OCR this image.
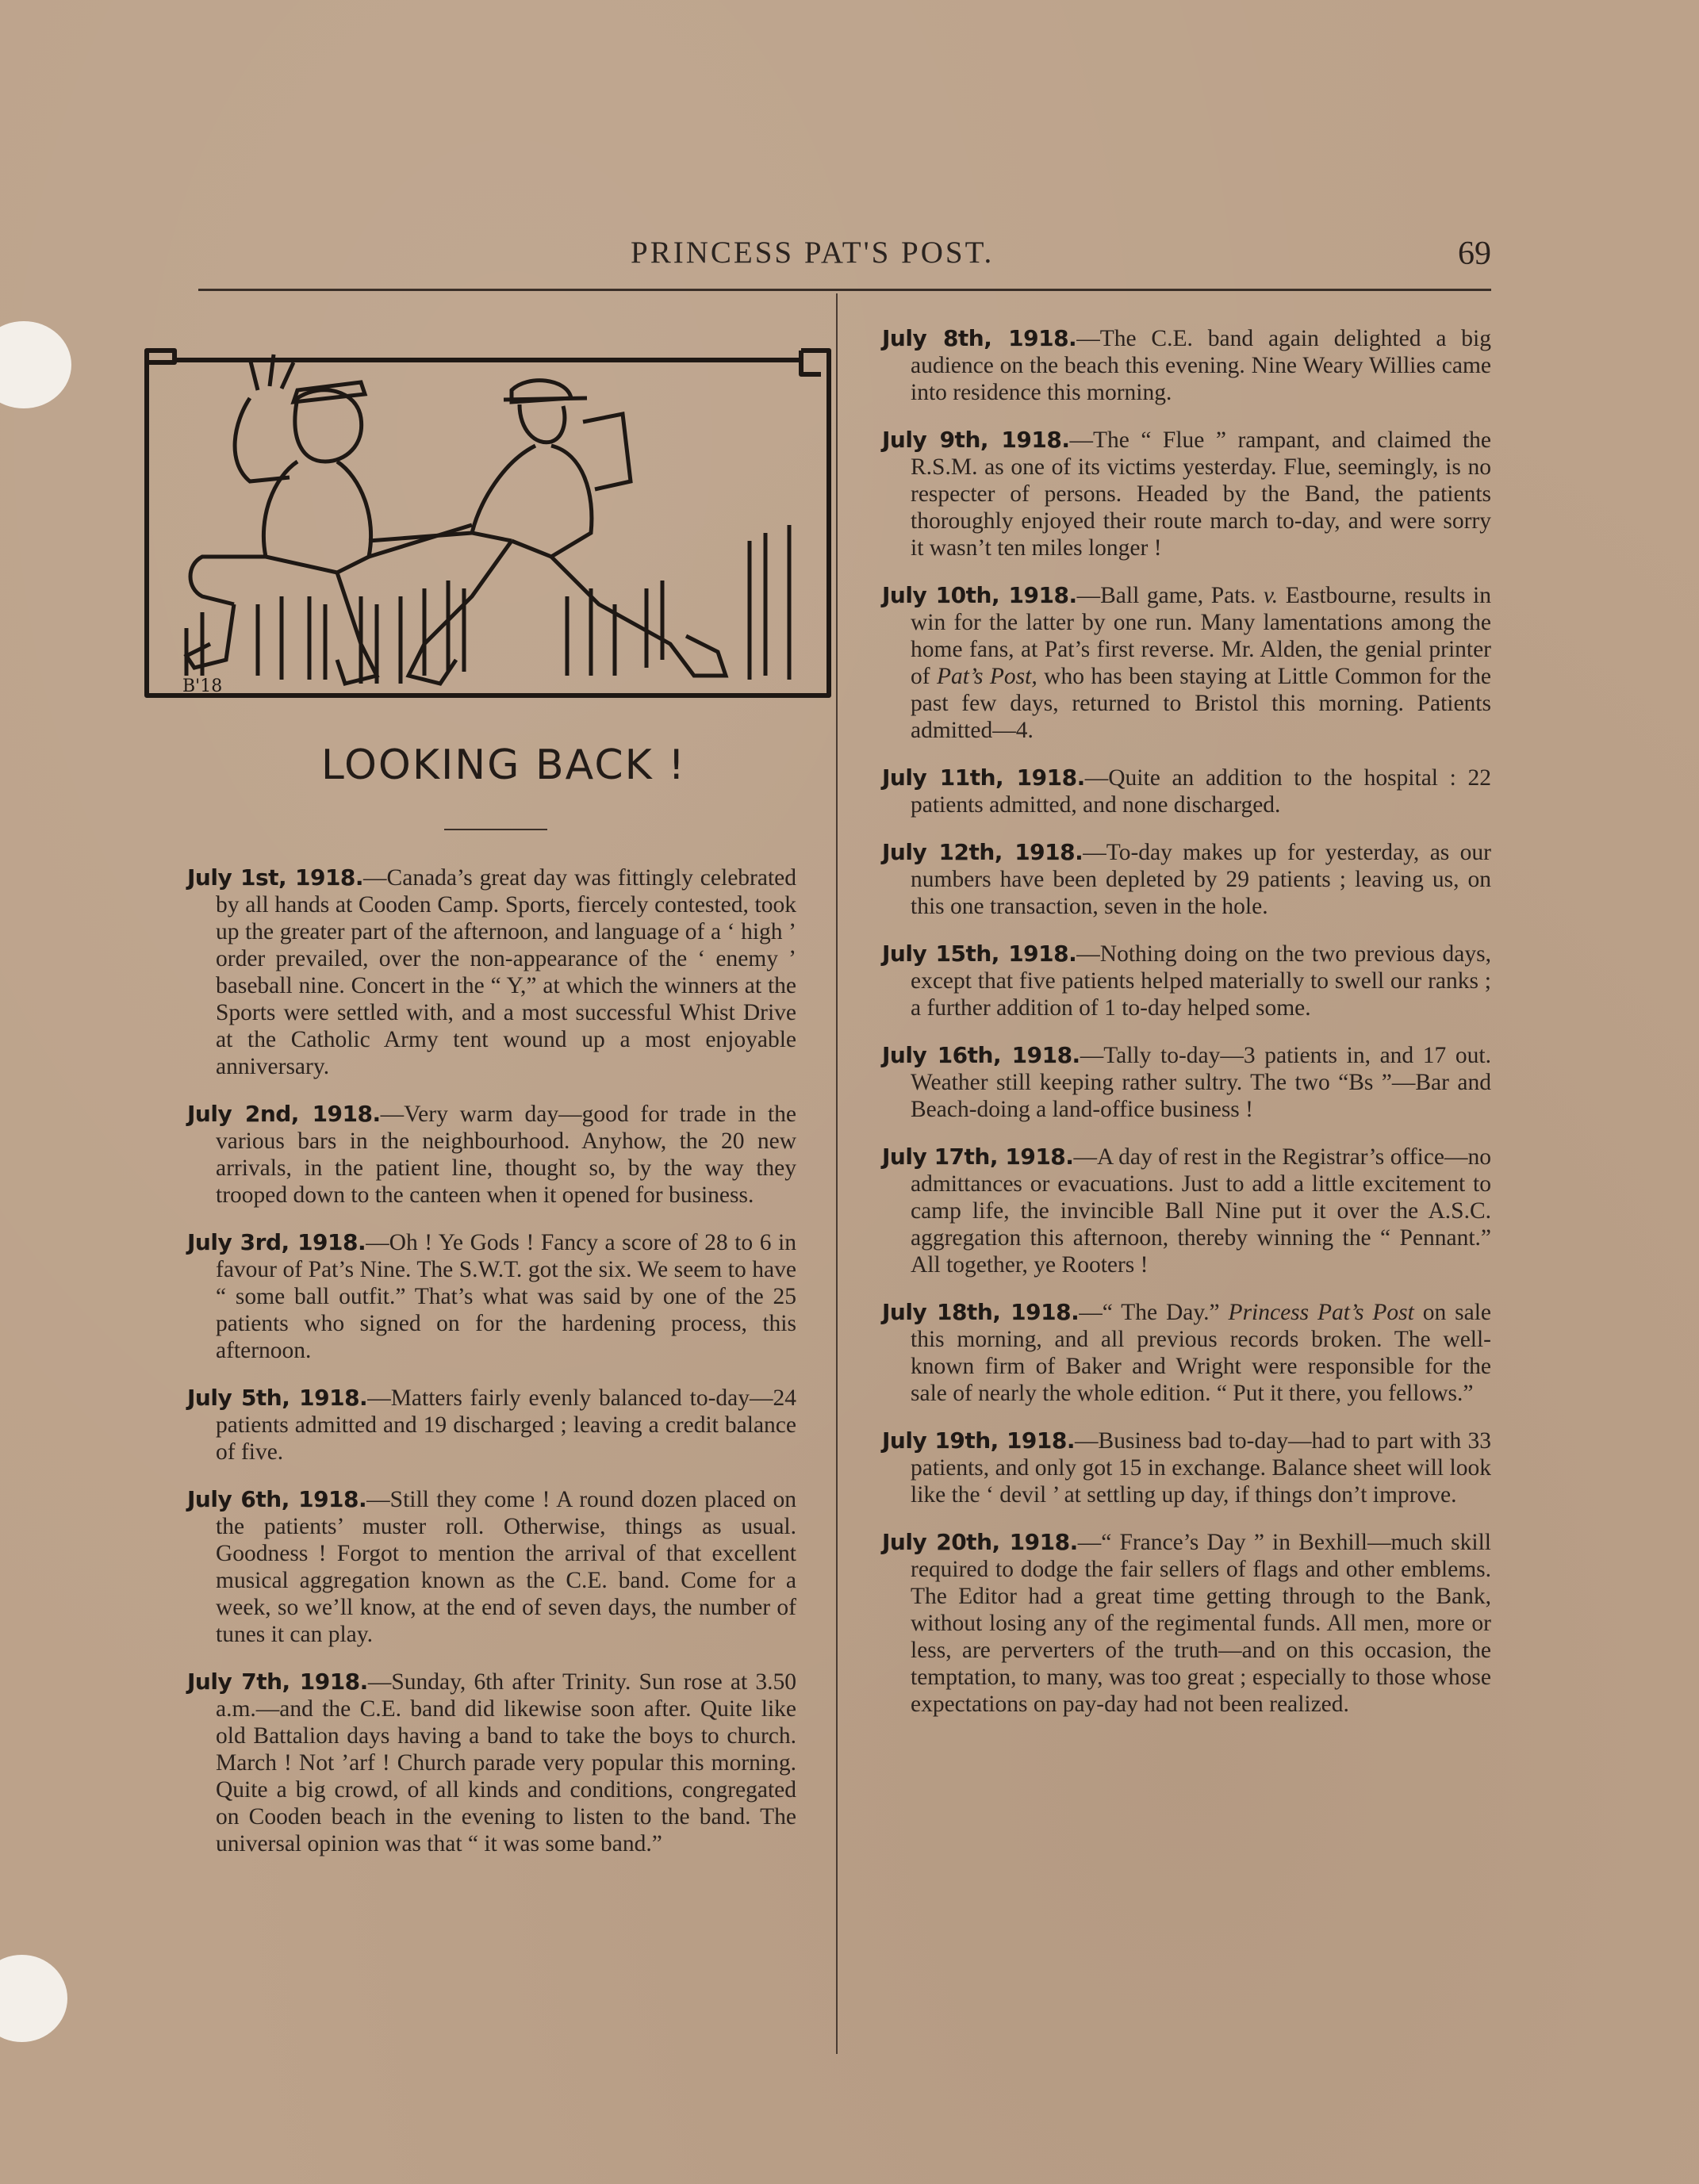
PRINCESS PAT'S POST.	69
B'18
LOOKING BACK !

July 1st, 1918.—Canada’s great day was fittingly celebrated by all hands at Cooden Camp. Sports, fiercely contested, took up the greater part of the afternoon, and language of a ‘ high ’ order prevailed, over the non-appearance of the ‘ enemy ’ baseball nine. Concert in the “ Y,” at which the winners at the Sports were settled with, and a most successful Whist Drive at the Catholic Army tent wound up a most enjoyable anniversary.

July 2nd, 1918.—Very warm day—good for trade in the various bars in the neighbourhood. Anyhow, the 20 new arrivals, in the patient line, thought so, by the way they trooped down to the canteen when it opened for business.

July 3rd, 1918.—Oh ! Ye Gods ! Fancy a score of 28 to 6 in favour of Pat’s Nine. The S.W.T. got the six. We seem to have “ some ball outfit.” That’s what was said by one of the 25 patients who signed on for the hardening process, this afternoon.

July 5th, 1918.—Matters fairly evenly balanced to-day—24 patients admitted and 19 discharged ; leaving a credit balance of five.

July 6th, 1918.—Still they come ! A round dozen placed on the patients’ muster roll. Otherwise, things as usual. Goodness ! Forgot to mention the arrival of that excellent musical aggregation known as the C.E. band. Come for a week, so we’ll know, at the end of seven days, the number of tunes it can play.

July 7th, 1918.—Sunday, 6th after Trinity. Sun rose at 3.50 a.m.—and the C.E. band did likewise soon after. Quite like old Battalion days having a band to take the boys to church. March ! Not ’arf ! Church parade very popular this morning. Quite a big crowd, of all kinds and conditions, congregated on Cooden beach in the evening to listen to the band. The universal opinion was that “ it was some band.”

July 8th, 1918.—The C.E. band again delighted a big audience on the beach this evening. Nine Weary Willies came into residence this morning.

July 9th, 1918.—The “ Flue ” rampant, and claimed the R.S.M. as one of its victims yesterday. Flue, seemingly, is no respecter of persons. Headed by the Band, the patients thoroughly enjoyed their route march to-day, and were sorry it wasn’t ten miles longer !

July 10th, 1918.—Ball game, Pats. v. Eastbourne, results in win for the latter by one run. Many lamentations among the home fans, at Pat’s first reverse. Mr. Alden, the genial printer of Pat’s Post, who has been staying at Little Common for the past few days, returned to Bristol this morning. Patients admitted—4.

July 11th, 1918.—Quite an addition to the hospital : 22 patients admitted, and none discharged.

July 12th, 1918.—To-day makes up for yesterday, as our numbers have been depleted by 29 patients ; leaving us, on this one transaction, seven in the hole.

July 15th, 1918.—Nothing doing on the two previous days, except that five patients helped materially to swell our ranks ; a further addition of 1 to-day helped some.

July 16th, 1918.—Tally to-day—3 patients in, and 17 out. Weather still keeping rather sultry. The two “Bs ”—Bar and Beach-doing a land-office business !

July 17th, 1918.—A day of rest in the Registrar’s office—no admittances or evacuations. Just to add a little excitement to camp life, the invincible Ball Nine put it over the A.S.C. aggregation this afternoon, thereby winning the “ Pennant.” All together, ye Rooters !

July 18th, 1918.—“ The Day.” Princess Pat’s Post on sale this morning, and all previous records broken. The well-known firm of Baker and Wright were responsible for the sale of nearly the whole edition. “ Put it there, you fellows.”

July 19th, 1918.—Business bad to-day—had to part with 33 patients, and only got 15 in exchange. Balance sheet will look like the ‘ devil ’ at settling up day, if things don’t improve.

July 20th, 1918.—“ France’s Day ” in Bexhill—much skill required to dodge the fair sellers of flags and other emblems. The Editor had a great time getting through to the Bank, without losing any of the regimental funds. All men, more or less, are perverters of the truth—and on this occasion, the temptation, to many, was too great ; especially to those whose expectations on pay-day had not been realized.
